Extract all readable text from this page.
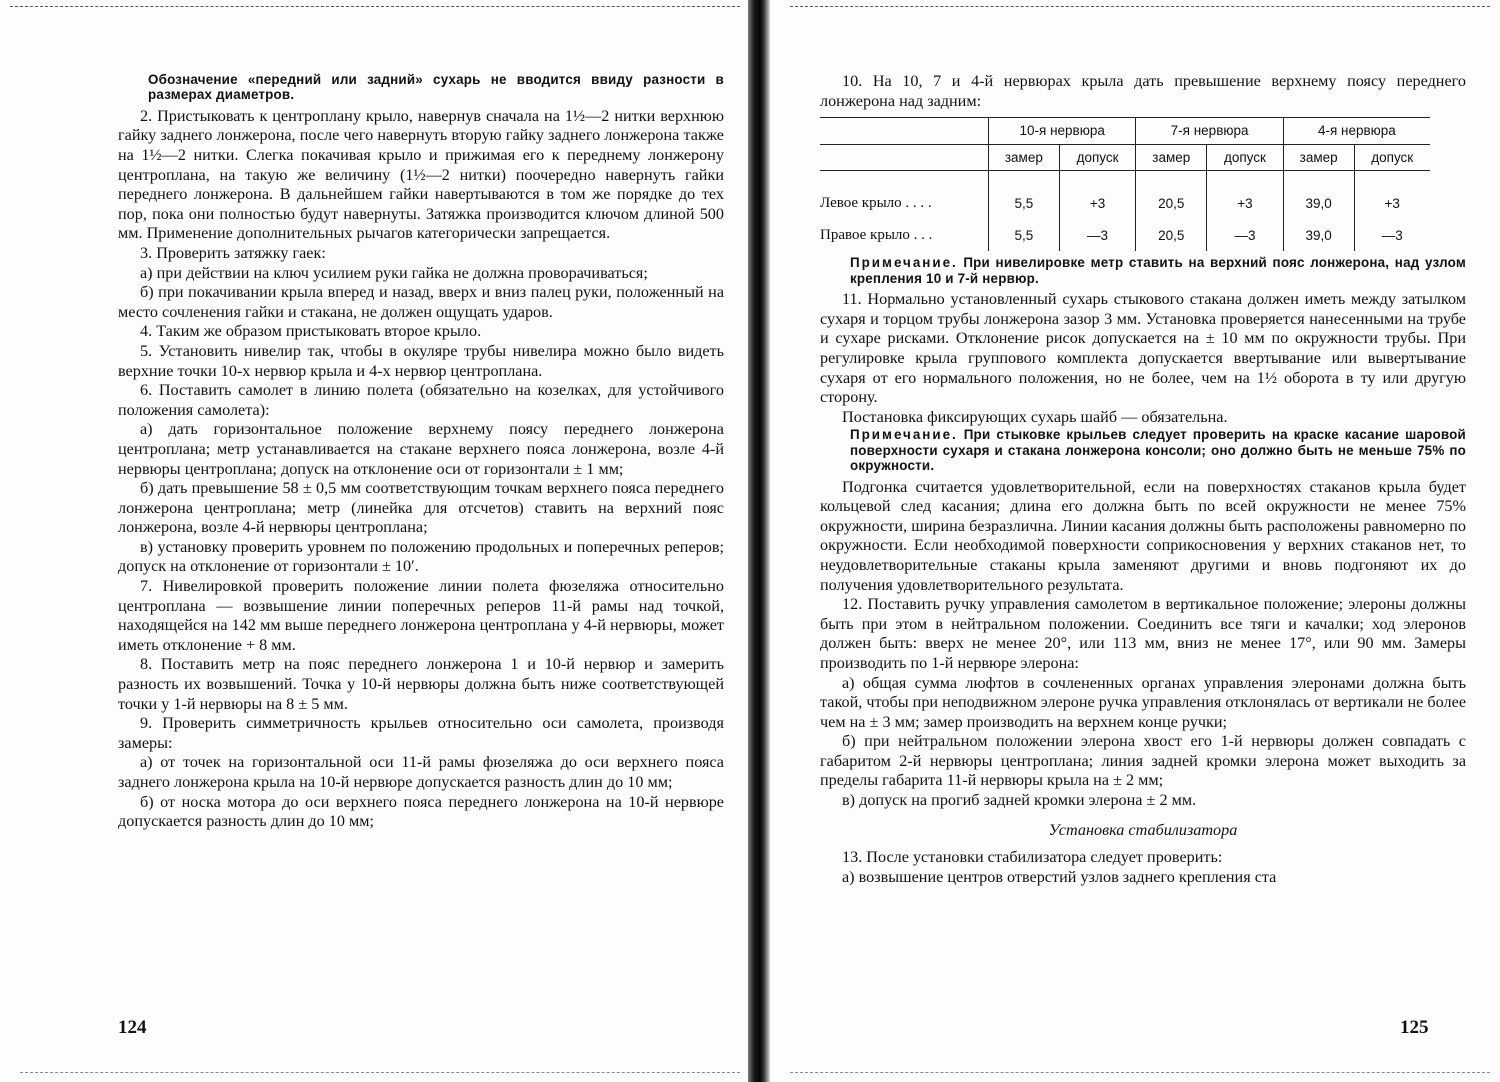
Обозначение «передний или задний» сухарь не вводится ввиду разности в размерах диаметров.

2. Пристыковать к центроплану крыло, навернув сначала на 1½—2 нитки верхнюю гайку заднего лонжерона, после чего навернуть вторую гайку заднего лонжерона также на 1½—2 нитки. Слегка покачивая крыло и прижимая его к переднему лонжерону центроплана, на такую же величину (1½—2 нитки) поочередно навернуть гайки переднего лонжерона. В дальнейшем гайки навертываются в том же порядке до тех пор, пока они полностью будут навернуты. Затяжка производится ключом длиной 500 мм. Применение дополнительных рычагов категорически запрещается.

3. Проверить затяжку гаек:

а) при действии на ключ усилием руки гайка не должна проворачиваться;

б) при покачивании крыла вперед и назад, вверх и вниз палец руки, положенный на место сочленения гайки и стакана, не должен ощущать ударов.

4. Таким же образом пристыковать второе крыло.

5. Установить нивелир так, чтобы в окуляре трубы нивелира можно было видеть верхние точки 10-х нервюр крыла и 4-х нервюр центроплана.

6. Поставить самолет в линию полета (обязательно на козелках, для устойчивого положения самолета):

а) дать горизонтальное положение верхнему поясу переднего лонжерона центроплана; метр устанавливается на стакане верхнего пояса лонжерона, возле 4-й нервюры центроплана; допуск на отклонение оси от горизонтали ± 1 мм;

б) дать превышение 58 ± 0,5 мм соответствующим точкам верхнего пояса переднего лонжерона центроплана; метр (линейка для отсчетов) ставить на верхний пояс лонжерона, возле 4-й нервюры центроплана;

в) установку проверить уровнем по положению продольных и поперечных реперов; допуск на отклонение от горизонтали ± 10′.

7. Нивелировкой проверить положение линии полета фюзеляжа относительно центроплана — возвышение линии поперечных реперов 11-й рамы над точкой, находящейся на 142 мм выше переднего лонжерона центроплана у 4-й нервюры, может иметь отклонение + 8 мм.

8. Поставить метр на пояс переднего лонжерона 1 и 10-й нервюр и замерить разность их возвышений. Точка у 10-й нервюры должна быть ниже соответствующей точки у 1-й нервюры на 8 ± 5 мм.

9. Проверить симметричность крыльев относительно оси самолета, производя замеры:

а) от точек на горизонтальной оси 11-й рамы фюзеляжа до оси верхнего пояса заднего лонжерона крыла на 10-й нервюре допускается разность длин до 10 мм;

б) от носка мотора до оси верхнего пояса переднего лонжерона на 10-й нервюре допускается разность длин до 10 мм;

124

10. На 10, 7 и 4-й нервюрах крыла дать превышение верхнему поясу переднего лонжерона над задним:

	10-я нервюра		7-я нервюра		4-я нервюра	
	замер	допуск	замер	допуск	замер	допуск

Левое крыло . . . .	5,5	+3	20,5	+3	39,0	+3
Правое крыло . . .	5,5	—3	20,5	—3	39,0	—3

Примечание. При нивелировке метр ставить на верхний пояс лонжерона, над узлом крепления 10 и 7-й нервюр.

11. Нормально установленный сухарь стыкового стакана должен иметь между затылком сухаря и торцом трубы лонжерона зазор 3 мм. Установка проверяется нанесенными на трубе и сухаре рисками. Отклонение рисок допускается на ± 10 мм по окружности трубы. При регулировке крыла группового комплекта допускается ввертывание или вывертывание сухаря от его нормального положения, но не более, чем на 1½ оборота в ту или другую сторону.

Постановка фиксирующих сухарь шайб — обязательна.

Примечание. При стыковке крыльев следует проверить на краске касание шаровой поверхности сухаря и стакана лонжерона консоли; оно должно быть не меньше 75% по окружности.

Подгонка считается удовлетворительной, если на поверхностях стаканов крыла будет кольцевой след касания; длина его должна быть по всей окружности не менее 75% окружности, ширина безразлична. Линии касания должны быть расположены равномерно по окружности. Если необходимой поверхности соприкосновения у верхних стаканов нет, то неудовлетворительные стаканы крыла заменяют другими и вновь подгоняют их до получения удовлетворительного результата.

12. Поставить ручку управления самолетом в вертикальное положение; элероны должны быть при этом в нейтральном положении. Соединить все тяги и качалки; ход элеронов должен быть: вверх не менее 20°, или 113 мм, вниз не менее 17°, или 90 мм. Замеры производить по 1-й нервюре элерона:

а) общая сумма люфтов в сочлененных органах управления элеронами должна быть такой, чтобы при неподвижном элероне ручка управления отклонялась от вертикали не более чем на ± 3 мм; замер производить на верхнем конце ручки;

б) при нейтральном положении элерона хвост его 1-й нервюры должен совпадать с габаритом 2-й нервюры центроплана; линия задней кромки элерона может выходить за пределы габарита 11-й нервюры крыла на ± 2 мм;

в) допуск на прогиб задней кромки элерона ± 2 мм.

Установка стабилизатора

13. После установки стабилизатора следует проверить:

а) возвышение центров отверстий узлов заднего крепления ста

125
